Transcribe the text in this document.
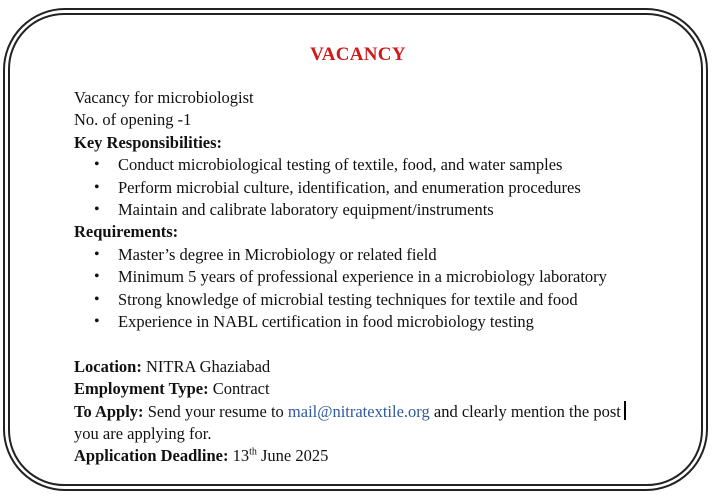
VACANCY
Vacancy for microbiologist
No. of opening -1
Key Responsibilities:
• Conduct microbiological testing of textile, food, and water samples
• Perform microbial culture, identification, and enumeration procedures
• Maintain and calibrate laboratory equipment/instruments
Requirements:
• Master’s degree in Microbiology or related field
• Minimum 5 years of professional experience in a microbiology laboratory
• Strong knowledge of microbial testing techniques for textile and food
• Experience in NABL certification in food microbiology testing
Location: NITRA Ghaziabad
Employment Type: Contract
To Apply: Send your resume to mail@nitratextile.org and clearly mention the post
you are applying for.
Application Deadline: 13th June 2025
